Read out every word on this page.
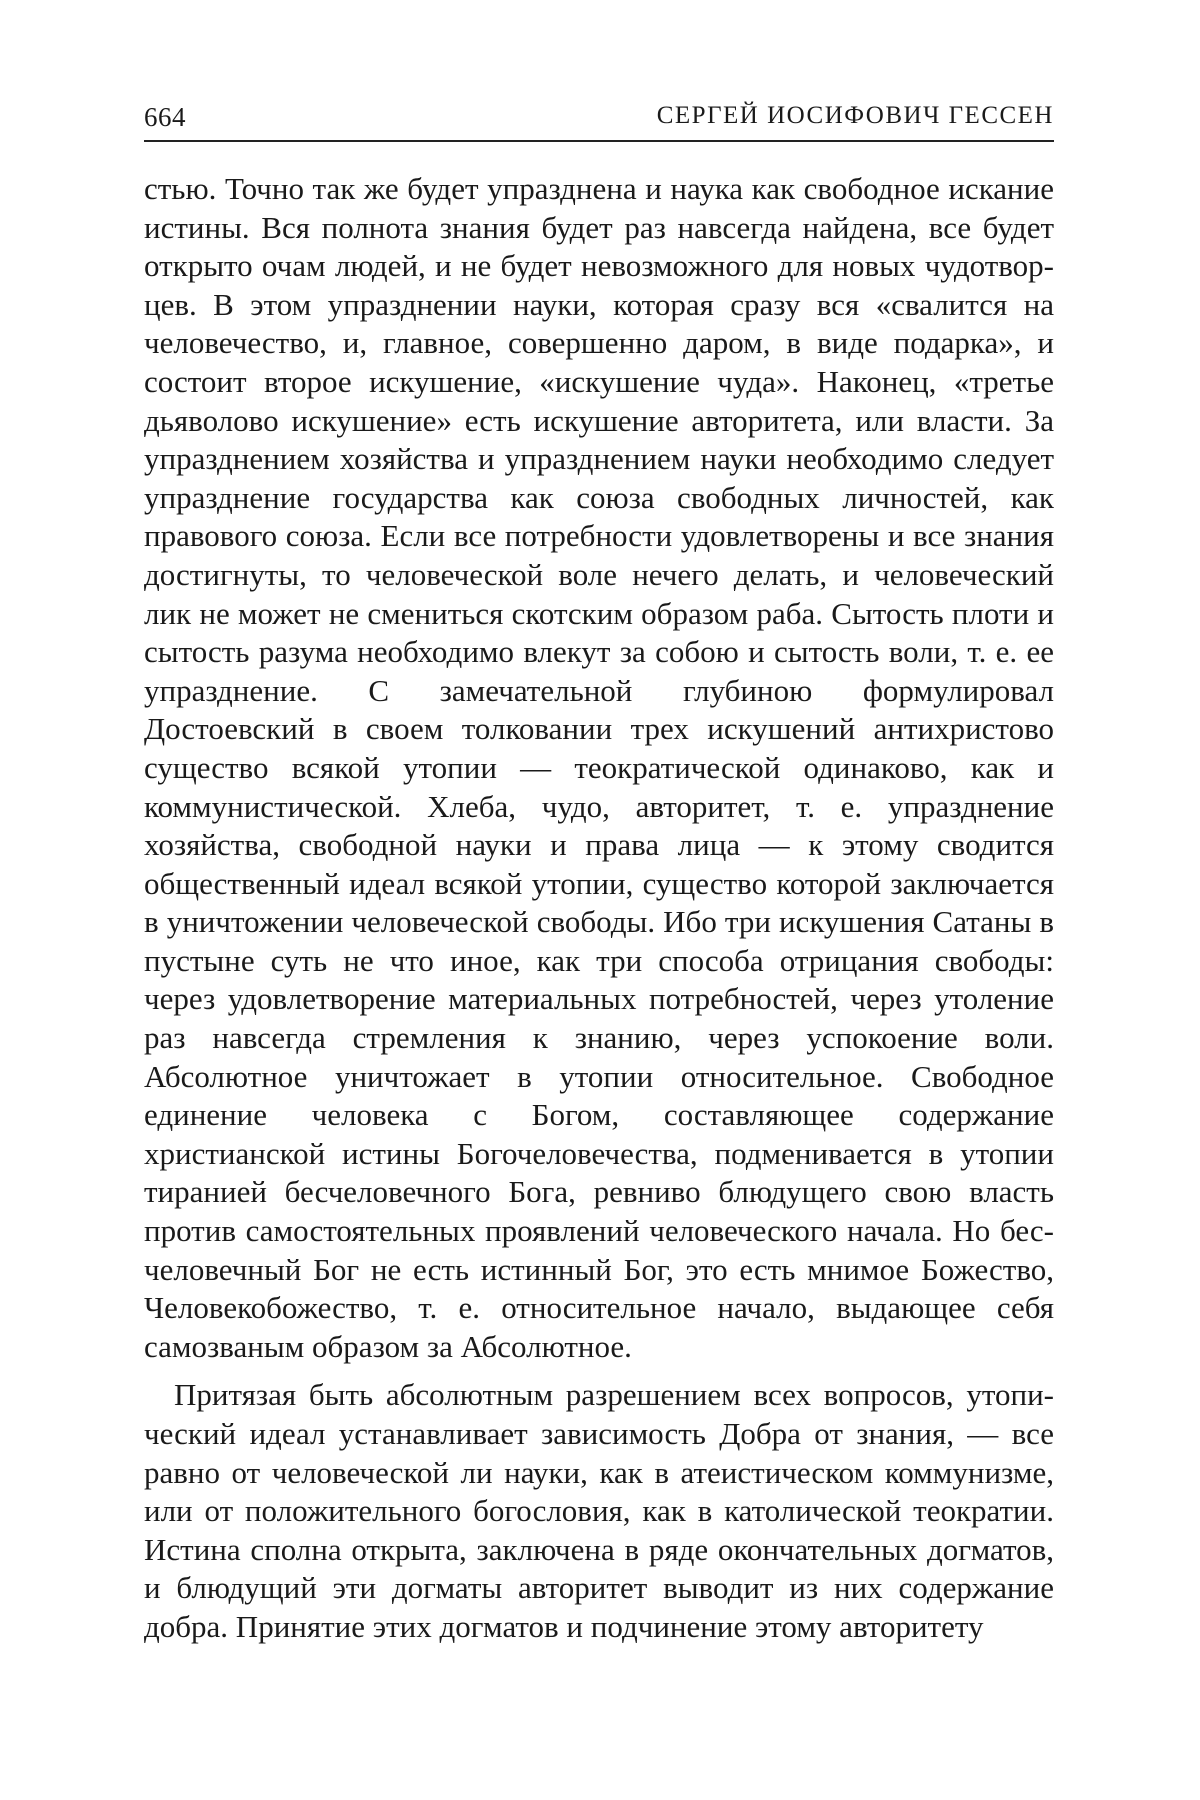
664	СЕРГЕЙ ИОСИФОВИЧ ГЕССЕН

стью. Точно так же будет упразднена и наука как свободное искание истины. Вся полнота знания будет раз навсегда найдена, все будет открыто очам людей, и не будет невозможного для новых чудотворцев. В этом упразднении науки, которая сразу вся «свалится на человечество, и, главное, совершенно даром, в виде подарка», и состоит второе искушение, «искушение чуда». Наконец, «третье дьяволово искушение» есть искушение авторитета, или власти. За упразднением хозяйства и упразднением науки необходимо следует упразднение государства как союза свободных личностей, как правового союза. Если все потребности удовлетворены и все знания достигнуты, то человеческой воле нечего делать, и человеческий лик не может не смениться скотским образом раба. Сытость плоти и сытость разума необходимо влекут за собою и сытость воли, т. е. ее упразднение. С замечательной глубиною формулировал Достоевский в своем толковании трех искушений антихристово существо всякой утопии — теократической одинаково, как и коммунистической. Хлеба, чудо, авторитет, т. е. упразднение хозяйства, свободной науки и права лица — к этому сводится общественный идеал всякой утопии, существо которой заключается в уничтожении человеческой свободы. Ибо три искушения Сатаны в пустыне суть не что иное, как три способа отрицания свободы: через удовлетворение материальных потребностей, через утоление раз навсегда стремления к знанию, через успокоение воли. Абсолютное уничтожает в утопии относительное. Свободное единение человека с Богом, составляющее содержание христианской истины Богочеловечества, подменивается в утопии тиранией бесчеловечного Бога, ревниво блюдущего свою власть против самостоятельных проявлений человеческого начала. Но бесчеловечный Бог не есть истинный Бог, это есть мнимое Божество, Человекобожество, т. е. относительное начало, выдающее себя самозваным образом за Абсолютное.

Притязая быть абсолютным разрешением всех вопросов, утопический идеал устанавливает зависимость Добра от знания, — все равно от человеческой ли науки, как в атеистическом коммунизме, или от положительного богословия, как в католической теократии. Истина сполна открыта, заключена в ряде окончательных догматов, и блюдущий эти догматы авторитет выводит из них содержание добра. Принятие этих догматов и подчинение этому авторитету
